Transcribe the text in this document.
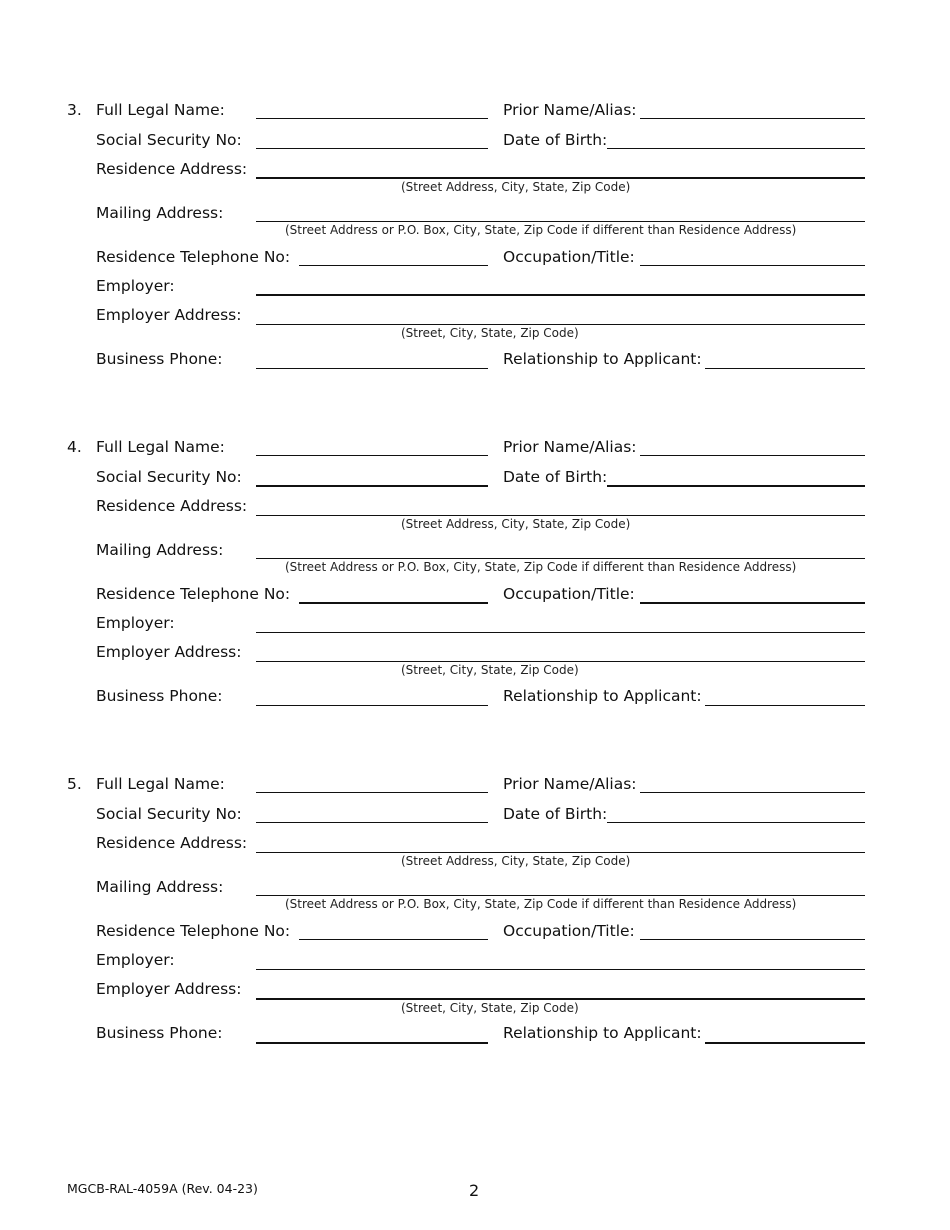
3. Full Legal Name:	Prior Name/Alias:
Social Security No:	Date of Birth:
Residence Address:
(Street Address, City, State, Zip Code)
Mailing Address:
(Street Address or P.O. Box, City, State, Zip Code if different than Residence Address)
Residence Telephone No:	Occupation/Title:
Employer:
Employer Address:
(Street, City, State, Zip Code)
Business Phone:	Relationship to Applicant:
4. Full Legal Name:	Prior Name/Alias:
Social Security No:	Date of Birth:
Residence Address:
(Street Address, City, State, Zip Code)
Mailing Address:
(Street Address or P.O. Box, City, State, Zip Code if different than Residence Address)
Residence Telephone No:	Occupation/Title:
Employer:
Employer Address:
(Street, City, State, Zip Code)
Business Phone:	Relationship to Applicant:
5. Full Legal Name:	Prior Name/Alias:
Social Security No:	Date of Birth:
Residence Address:
(Street Address, City, State, Zip Code)
Mailing Address:
(Street Address or P.O. Box, City, State, Zip Code if different than Residence Address)
Residence Telephone No:	Occupation/Title:
Employer:
Employer Address:
(Street, City, State, Zip Code)
Business Phone:	Relationship to Applicant:
MGCB-RAL-4059A (Rev. 04-23)	2
